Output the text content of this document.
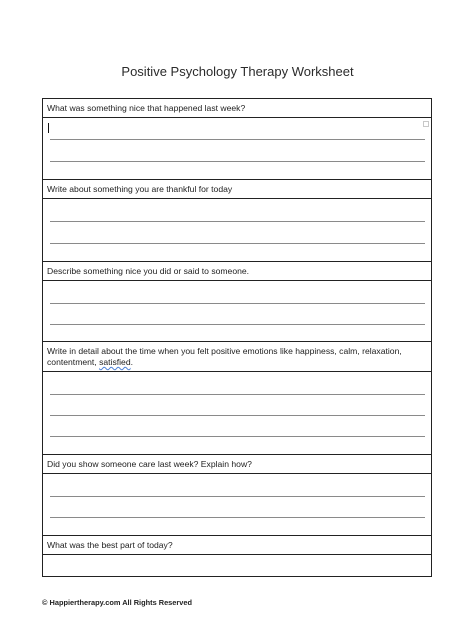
Positive Psychology Therapy Worksheet
What was something nice that happened last week?
Write about something you are thankful for today
Describe something nice you did or said to someone.
Write in detail about the time when you felt positive emotions like happiness, calm, relaxation, contentment, satisfied.
Did you show someone care last week? Explain how?
What was the best part of today?
© Happiertherapy.com All Rights Reserved
